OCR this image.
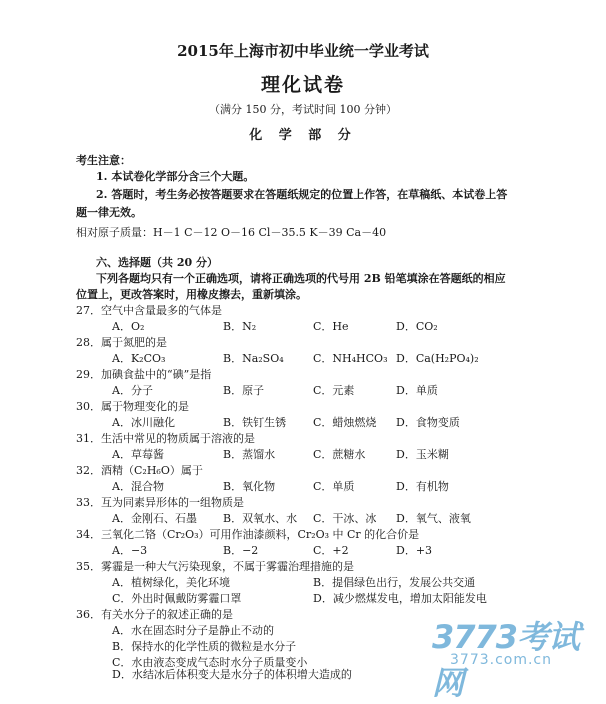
2015年上海市初中毕业统一学业考试
理化试卷
（满分 150 分，考试时间 100 分钟）
化 学 部 分
考生注意：
1. 本试卷化学部分含三个大题。
2. 答题时，考生务必按答题要求在答题纸规定的位置上作答，在草稿纸、本试卷上答
题一律无效。
相对原子质量：H－1 C－12 O－16 Cl－35.5 K－39 Ca－40
六、选择题（共 20 分）
下列各题均只有一个正确选项，请将正确选项的代号用 2B 铅笔填涂在答题纸的相应
位置上，更改答案时，用橡皮擦去，重新填涂。
27．空气中含量最多的气体是
A．O₂	B．N₂	C．He	D．CO₂
28．属于氮肥的是
A．K₂CO₃	B．Na₂SO₄	C．NH₄HCO₃ D．Ca(H₂PO₄)₂
29．加碘食盐中的“碘”是指
A．分子	B．原子	C．元素	D．单质
30．属于物理变化的是
A．冰川融化	B．铁钉生锈 C．蜡烛燃烧 D．食物变质
31．生活中常见的物质属于溶液的是
A．草莓酱	B．蒸馏水	C．蔗糖水	D．玉米糊
32．酒精（C₂H₆O）属于
A．混合物	B．氧化物	C．单质	D．有机物
33．互为同素异形体的一组物质是
A．金刚石、石墨 B．双氧水、水 C．干冰、冰 D．氧气、液氧
34．三氧化二铬（Cr₂O₃）可用作油漆颜料，Cr₂O₃ 中 Cr 的化合价是
A．−3	B．−2	C．+2	D．+3
35．雾霾是一种大气污染现象，不属于雾霾治理措施的是
A．植树绿化，美化环境	B．提倡绿色出行，发展公共交通
C．外出时佩戴防雾霾口罩	D．减少燃煤发电，增加太阳能发电
36．有关水分子的叙述正确的是
A．水在固态时分子是静止不动的
B．保持水的化学性质的微粒是水分子
C．水由液态变成气态时水分子质量变小
D．水结冰后体积变大是水分子的体积增大造成的
3773考试网
3773.com.cn
